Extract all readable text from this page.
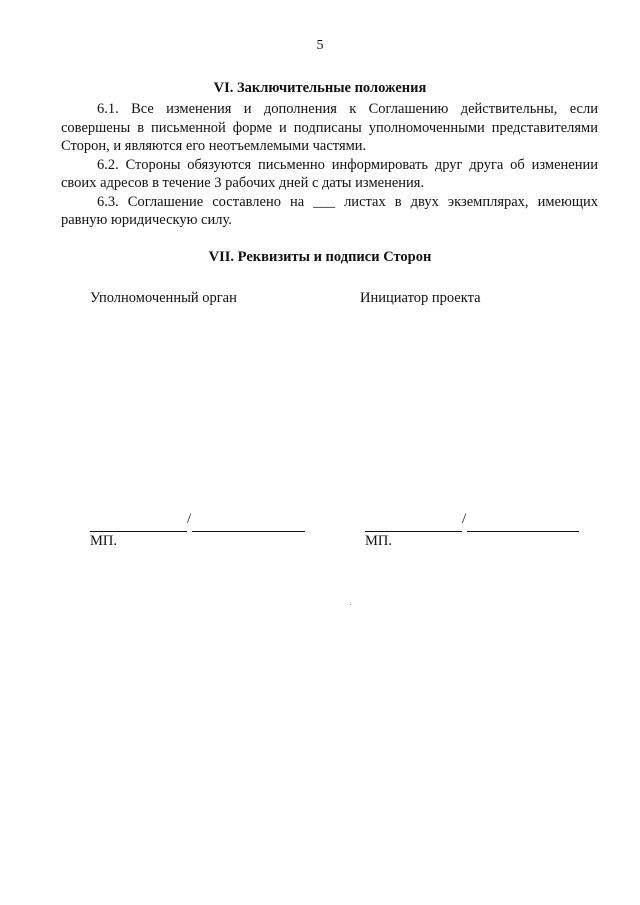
5
VI. Заключительные положения

6.1. Все изменения и дополнения к Соглашению действительны, если совершены в письменной форме и подписаны уполномоченными представителями Сторон, и являются его неотъемлемыми частями.

6.2. Стороны обязуются письменно информировать друг друга об изменении своих адресов в течение 3 рабочих дней с даты изменения.

6.3. Соглашение составлено на ___ листах в двух экземплярах, имеющих равную юридическую силу.

VII. Реквизиты и подписи Сторон
Уполномоченный орган	Инициатор проекта
/	/
МП.	МП.
